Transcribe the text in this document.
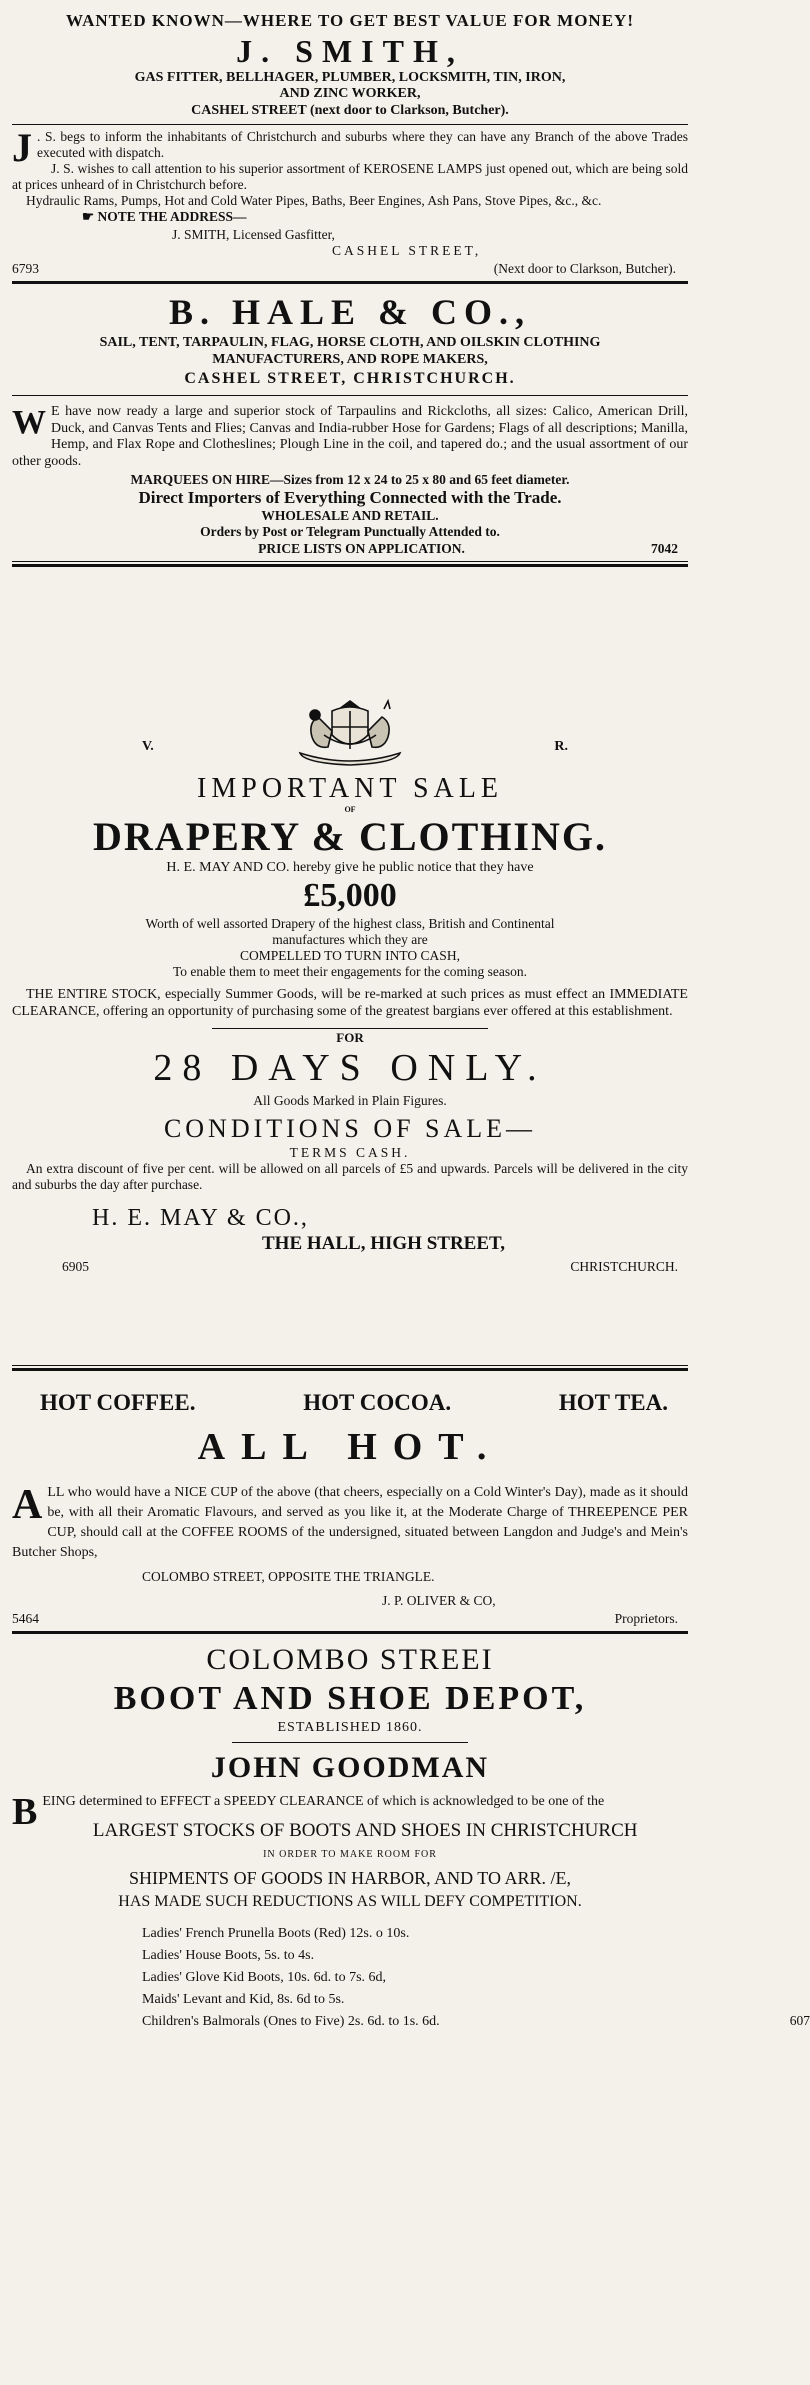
WANTED KNOWN—WHERE TO GET BEST VALUE FOR MONEY!

J. SMITH,

GAS FITTER, BELLHAGER, PLUMBER, LOCKSMITH, TIN, IRON,

AND ZINC WORKER,

CASHEL STREET (next door to Clarkson, Butcher).

J . S. begs to inform the inhabitants of Christchurch and suburbs where they can have any Branch of the above Trades executed with dispatch.

J. S. wishes to call attention to his superior assortment of KEROSENE LAMPS just opened out, which are being sold at prices unheard of in Christchurch before.

Hydraulic Rams, Pumps, Hot and Cold Water Pipes, Baths, Beer Engines, Ash Pans, Stove Pipes, &c., &c.

☛ NOTE THE ADDRESS—

J. SMITH, Licensed Gasfitter,

CASHEL STREET,

6793	(Next door to Clarkson, Butcher).

B. HALE & CO.,

SAIL, TENT, TARPAULIN, FLAG, HORSE CLOTH, AND OILSKIN CLOTHING

MANUFACTURERS, AND ROPE MAKERS,

CASHEL STREET, CHRISTCHURCH.

W E have now ready a large and superior stock of Tarpaulins and Rickcloths, all sizes: Calico, American Drill, Duck, and Canvas Tents and Flies; Canvas and India-rubber Hose for Gardens; Flags of all descriptions; Manilla, Hemp, and Flax Rope and Clotheslines; Plough Line in the coil, and tapered do.; and the usual assortment of our other goods.

MARQUEES ON HIRE—Sizes from 12 x 24 to 25 x 80 and 65 feet diameter.

Direct Importers of Everything Connected with the Trade.

WHOLESALE AND RETAIL.

Orders by Post or Telegram Punctually Attended to.

PRICE LISTS ON APPLICATION.	7042
V.	R.

IMPORTANT SALE

OF

DRAPERY & CLOTHING.

H. E. MAY AND CO. hereby give he public notice that they have

£5,000

Worth of well assorted Drapery of the highest class, British and Continental

manufactures which they are

COMPELLED TO TURN INTO CASH,

To enable them to meet their engagements for the coming season.

THE ENTIRE STOCK, especially Summer Goods, will be re-marked at such prices as must effect an IMMEDIATE CLEARANCE, offering an opportunity of purchasing some of the greatest bargians ever offered at this establishment.

FOR

28 DAYS ONLY.

All Goods Marked in Plain Figures.

CONDITIONS OF SALE—

TERMS CASH.

An extra discount of five per cent. will be allowed on all parcels of £5 and upwards. Parcels will be delivered in the city and suburbs the day after purchase.

H. E. MAY & CO.,

THE HALL, HIGH STREET,

6905	CHRISTCHURCH.
HOT COFFEE.	HOT COCOA.	HOT TEA.

ALL HOT.

A LL who would have a NICE CUP of the above (that cheers, especially on a Cold Winter's Day), made as it should be, with all their Aromatic Flavours, and served as you like it, at the Moderate Charge of THREEPENCE PER CUP, should call at the COFFEE ROOMS of the undersigned, situated between Langdon and Judge's and Mein's Butcher Shops,

COLOMBO STREET, OPPOSITE THE TRIANGLE.

J. P. OLIVER & CO,

5464	Proprietors.

COLOMBO STREEI

BOOT AND SHOE DEPOT,

ESTABLISHED 1860.

JOHN GOODMAN

B EING determined to EFFECT a SPEEDY CLEARANCE of which is acknowledged to be one of the

LARGEST STOCKS OF BOOTS AND SHOES IN CHRISTCHURCH

IN ORDER TO MAKE ROOM FOR

SHIPMENTS OF GOODS IN HARBOR, AND TO ARR. /E,

HAS MADE SUCH REDUCTIONS AS WILL DEFY COMPETITION.

Ladies' French Prunella Boots (Red) 12s. o 10s.

Ladies' House Boots, 5s. to 4s.

Ladies' Glove Kid Boots, 10s. 6d. to 7s. 6d,

Maids' Levant and Kid, 8s. 6d to 5s.

Children's Balmorals (Ones to Five) 2s. 6d. to 1s. 6d.	607
